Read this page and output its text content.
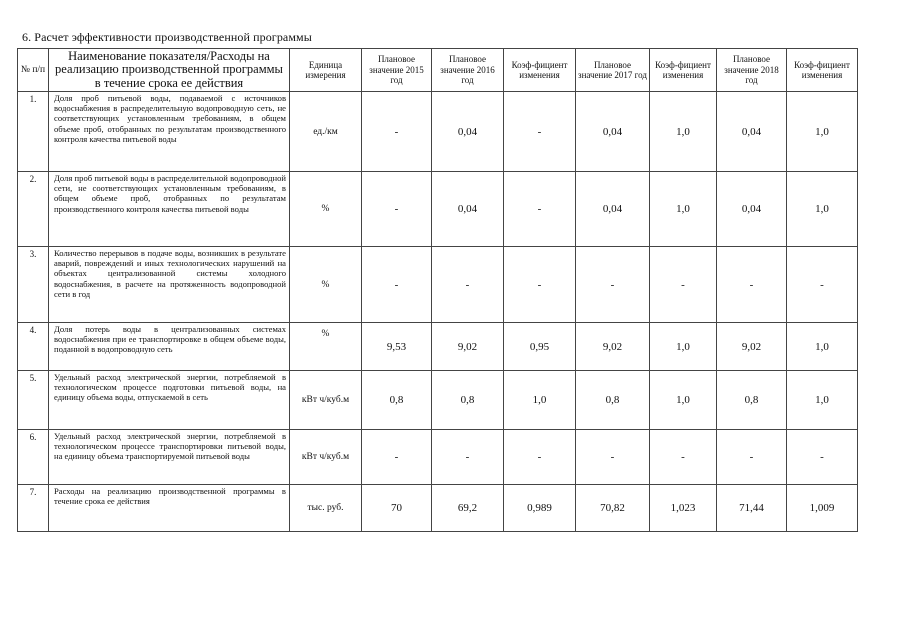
6. Расчет эффективности производственной программы
№ п/п	Наименование показателя/Расходы на реализацию производственной программы в течение срока ее действия	Единица измерения	Плановое значение 2015 год	Плановое значение 2016 год	Коэф-фициент изменения	Плановое значение 2017 год	Коэф-фициент изменения	Плановое значение 2018 год	Коэф-фициент изменения
1.	Доля проб питьевой воды, подаваемой с источников водоснабжения в распределительную водопроводную сеть, не соответствующих установленным требованиям, в общем объеме проб, отобранных по результатам производственного контроля качества питьевой воды	ед./км	-	0,04	-	0,04	1,0	0,04	1,0
2.	Доля проб питьевой воды в распределительной водопроводной сети, не соответствующих установленным требованиям, в общем объеме проб, отобранных по результатам производственного контроля качества питьевой воды	%	-	0,04	-	0,04	1,0	0,04	1,0
3.	Количество перерывов в подаче воды, возникших в результате аварий, повреждений и иных технологических нарушений на объектах централизованной системы холодного водоснабжения, в расчете на протяженность водопроводной сети в год	%	-	-	-	-	-	-	-
4.	Доля потерь воды в централизованных системах водоснабжения при ее транспортировке в общем объеме воды, поданной в водопроводную сеть	%	9,53	9,02	0,95	9,02	1,0	9,02	1,0
5.	Удельный расход электрической энергии, потребляемой в технологическом процессе подготовки питьевой воды, на единицу объема воды, отпускаемой в сеть	кВт ч/куб.м	0,8	0,8	1,0	0,8	1,0	0,8	1,0
6.	Удельный расход электрической энергии, потребляемой в технологическом процессе транспортировки питьевой воды, на единицу объема транспортируемой питьевой воды	кВт ч/куб.м	-	-	-	-	-	-	-
7.	Расходы на реализацию производственной программы в течение срока ее действия	тыс. руб.	70	69,2	0,989	70,82	1,023	71,44	1,009
